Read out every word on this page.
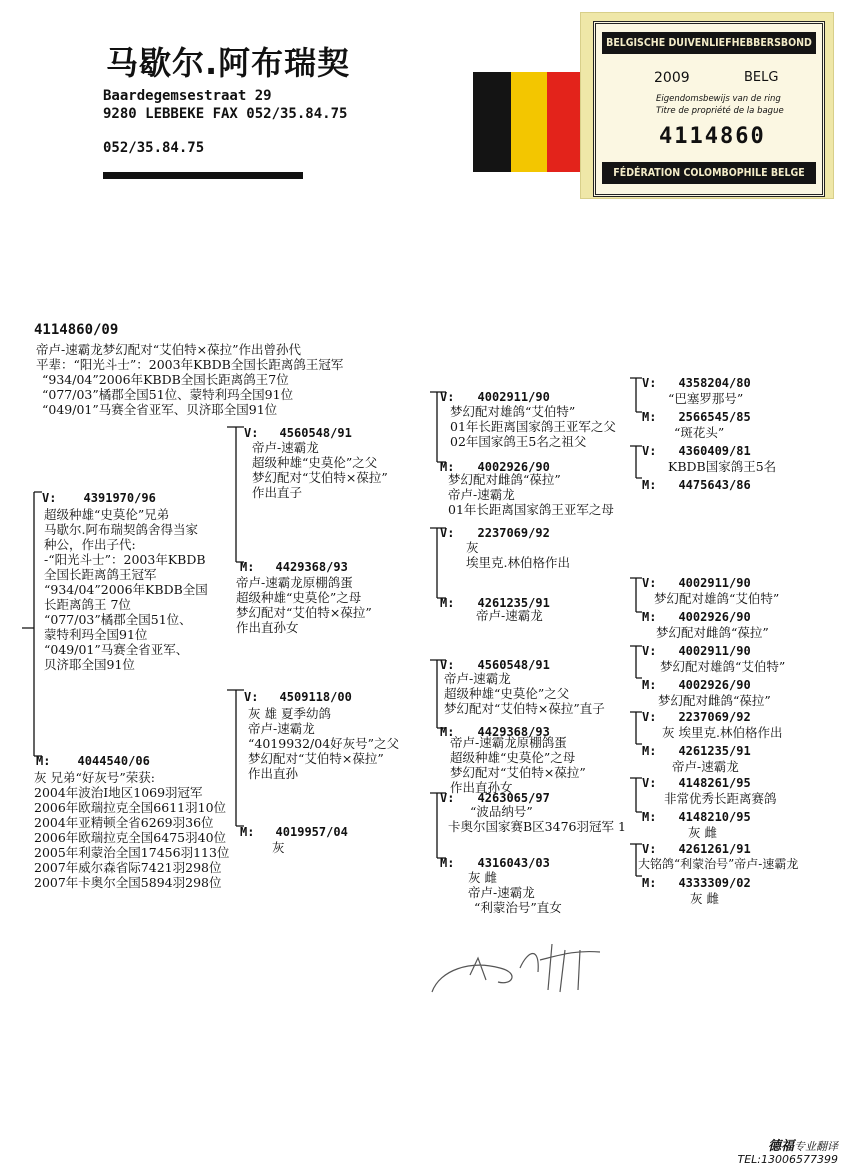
马歇尔.阿布瑞契
Baardegemsestraat 29
9280 LEBBEKE FAX 052/35.84.75
052/35.84.75
BELGISCHE DUIVENLIEFHEBBERSBOND
2009	BELG
Eigendomsbewijs van de ring
Titre de propriété de la bague
4114860
FÉDÉRATION COLOMBOPHILE BELGE
4114860/09
帝卢-速霸龙梦幻配对“艾伯特×葆拉”作出曾孙代
平辈：“阳光斗士”：2003年KBDB全国长距离鸽王冠军
“934/04”2006年KBDB全国长距离鸽王7位
“077/03”橘郡全国51位、蒙特利玛全国91位
“049/01”马赛全省亚军、贝济耶全国91位
V: 4391970/96
超级种雄“史莫伦”兄弟
马歇尔.阿布瑞契鸽舍得当家
种公，作出子代:
-“阳光斗士”：2003年KBDB
全国长距离鸽王冠军
“934/04”2006年KBDB全国
长距离鸽王 7位
“077/03”橘郡全国51位、
蒙特利玛全国91位
“049/01”马赛全省亚军、
贝济耶全国91位
M: 4044540/06
灰 兄弟“好灰号”荣获:
2004年波治I地区1069羽冠军
2006年欧瑞拉克全国6611羽10位
2004年亚精顿全省6269羽36位
2006年欧瑞拉克全国6475羽40位
2005年利蒙治全国17456羽113位
2007年威尔森省际7421羽298位
2007年卡奥尔全国5894羽298位
V: 4560548/91
帝卢-速霸龙
超级种雄“史莫伦”之父
梦幻配对“艾伯特×葆拉”
作出直子
M: 4429368/93
帝卢-速霸龙原棚鸽蛋
超级种雄“史莫伦”之母
梦幻配对“艾伯特×葆拉”
作出直孙女
V: 4509118/00
灰 雄 夏季幼鸽
帝卢-速霸龙
“4019932/04好灰号”之父
梦幻配对“艾伯特×葆拉”
作出直孙
M: 4019957/04
灰
V: 4002911/90
梦幻配对雄鸽“艾伯特”
01年长距离国家鸽王亚军之父
02年国家鸽王5名之祖父
M: 4002926/90
梦幻配对雌鸽“葆拉”
帝卢-速霸龙
01年长距离国家鸽王亚军之母
V: 2237069/92
灰
埃里克.林伯格作出
M: 4261235/91
帝卢-速霸龙
V: 4560548/91
帝卢-速霸龙
超级种雄“史莫伦”之父
梦幻配对“艾伯特×葆拉”直子
M: 4429368/93
帝卢-速霸龙原棚鸽蛋
超级种雄“史莫伦”之母
梦幻配对“艾伯特×葆拉”
作出直孙女
V: 4263065/97
“波品纳号”
卡奥尔国家赛B区3476羽冠军 1
M: 4316043/03
灰 雌
帝卢-速霸龙
“利蒙治号”直女
V: 4358204/80
“巴塞罗那号”
M: 2566545/85
“斑花头”
V: 4360409/81
KBDB国家鸽王5名
M: 4475643/86
V: 4002911/90
梦幻配对雄鸽“艾伯特”
M: 4002926/90
梦幻配对雌鸽“葆拉”
V: 4002911/90
梦幻配对雄鸽“艾伯特”
M: 4002926/90
梦幻配对雌鸽“葆拉”
V: 2237069/92
灰 埃里克.林伯格作出
M: 4261235/91
帝卢-速霸龙
V: 4148261/95
非常优秀长距离赛鸽
M: 4148210/95
灰 雌
V: 4261261/91
大铭鸽“利蒙治号”帝卢-速霸龙
M: 4333309/02
灰 雌
德福专业翻译
TEL:13006577399
